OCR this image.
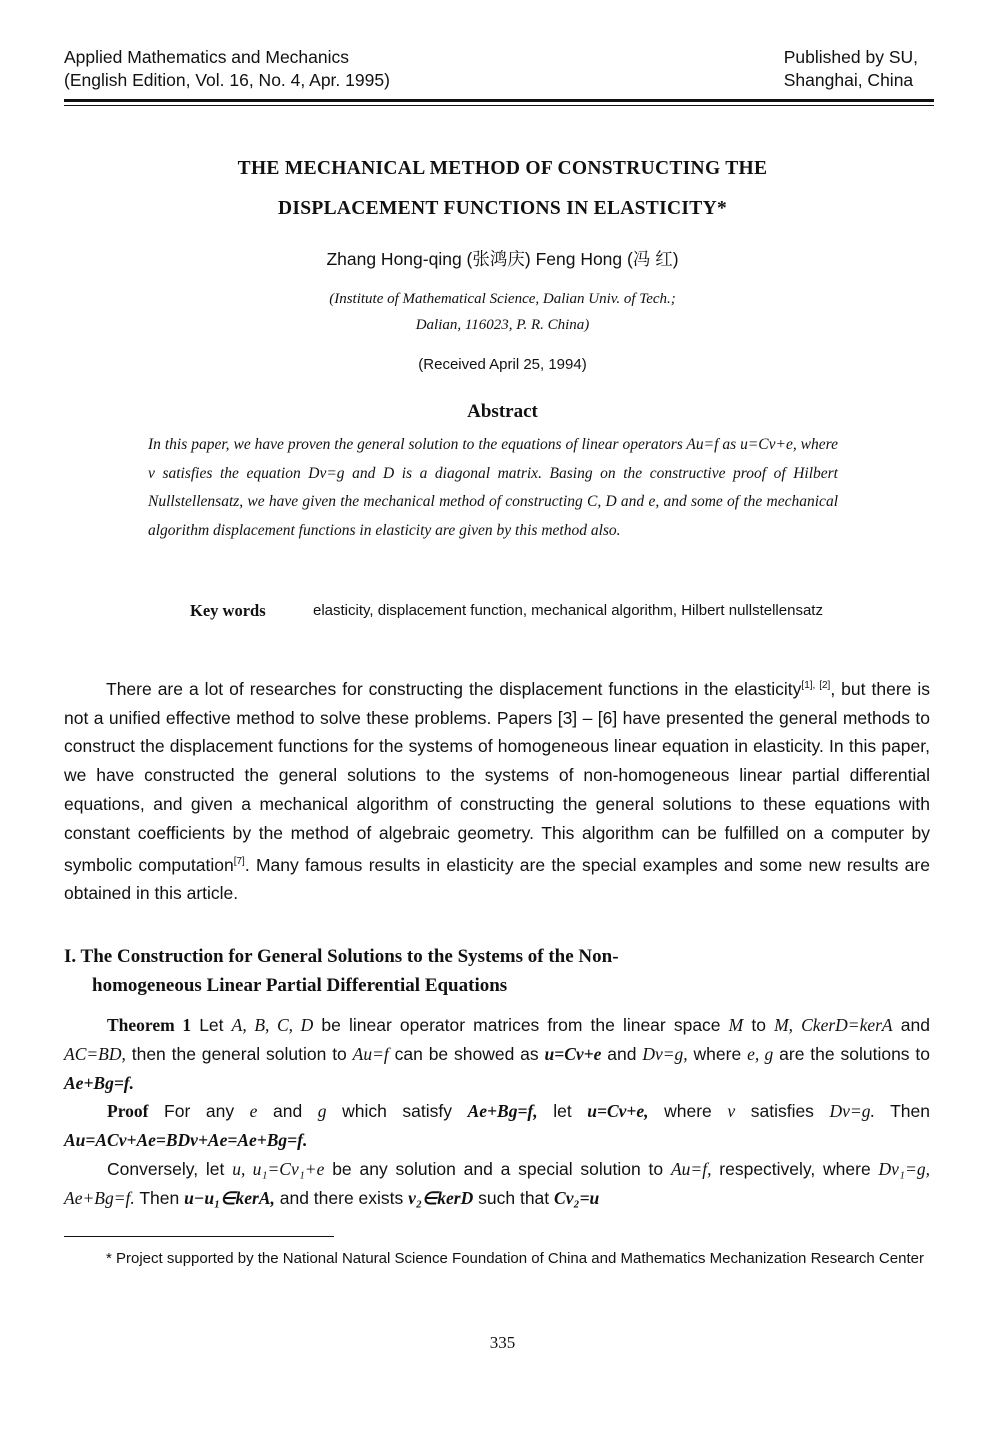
Applied Mathematics and Mechanics
(English Edition, Vol. 16, No. 4, Apr. 1995)
Published by SU,
Shanghai, China
THE MECHANICAL METHOD OF CONSTRUCTING THE
DISPLACEMENT FUNCTIONS IN ELASTICITY*
Zhang Hong-qing (张鸿庆) Feng Hong (冯 红)
(Institute of Mathematical Science, Dalian Univ. of Tech.;
Dalian, 116023, P. R. China)
(Received April 25, 1994)
Abstract
In this paper, we have proven the general solution to the equations of linear operators Au=f as u=Cv+e, where v satisfies the equation Dv=g and D is a diagonal matrix. Basing on the constructive proof of Hilbert Nullstellensatz, we have given the mechanical method of constructing C, D and e, and some of the mechanical algorithm displacement functions in elasticity are given by this method also.
Key words	elasticity, displacement function, mechanical algorithm, Hilbert nullstellensatz
There are a lot of researches for constructing the displacement functions in the elasticity[1], [2], but there is not a unified effective method to solve these problems. Papers [3] – [6] have presented the general methods to construct the displacement functions for the systems of homogeneous linear equation in elasticity. In this paper, we have constructed the general solutions to the systems of non-homogeneous linear partial differential equations, and given a mechanical algorithm of constructing the general solutions to these equations with constant coefficients by the method of algebraic geometry. This algorithm can be fulfilled on a computer by symbolic computation[7]. Many famous results in elasticity are the special examples and some new results are obtained in this article.
I. The Construction for General Solutions to the Systems of the Non-
homogeneous Linear Partial Differential Equations
Theorem 1 Let A, B, C, D be linear operator matrices from the linear space M to M, CkerD=kerA and AC=BD, then the general solution to Au=f can be showed as u=Cv+e and Dv=g, where e, g are the solutions to Ae+Bg=f.
Proof For any e and g which satisfy Ae+Bg=f, let u=Cv+e, where v satisfies Dv=g. Then Au=ACv+Ae=BDv+Ae=Ae+Bg=f.
Conversely, let u, u₁=Cv₁+e be any solution and a special solution to Au=f, respectively, where Dv₁=g, Ae+Bg=f. Then u−u₁∈kerA, and there exists v₂∈kerD such that Cv₂=u
* Project supported by the National Natural Science Foundation of China and Mathematics Mechanization Research Center
335
